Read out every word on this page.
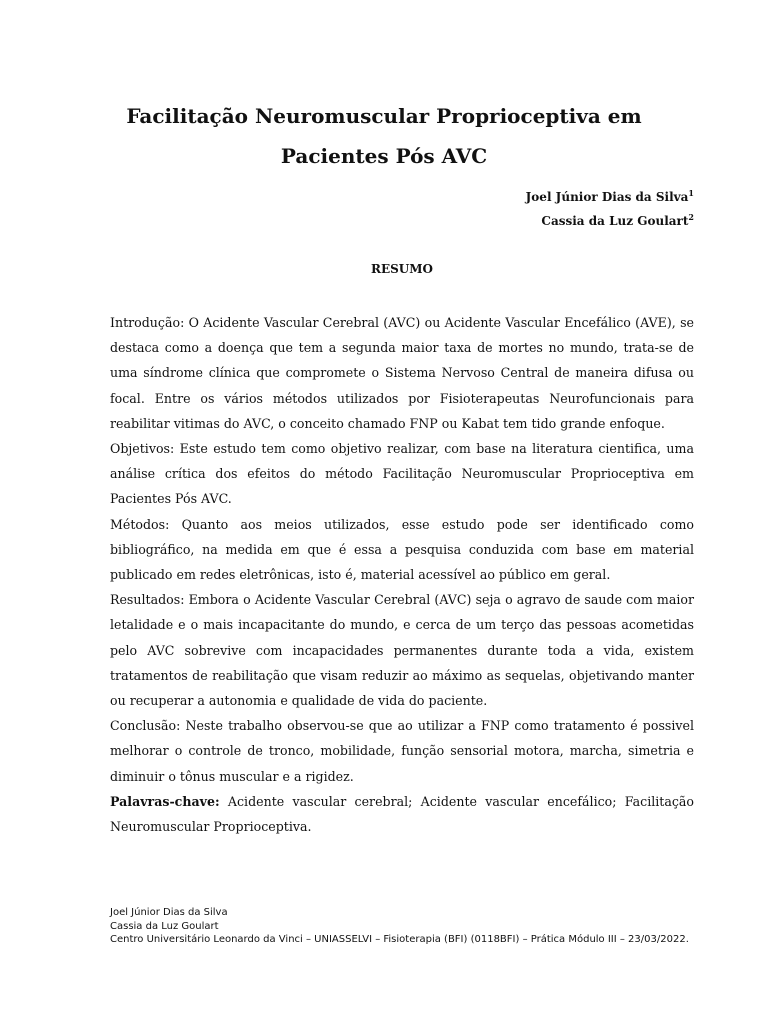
Facilitação Neuromuscular Proprioceptiva em Pacientes Pós AVC
Joel Júnior Dias da Silva$^1$
Cassia da Luz Goulart$^2$
RESUMO

Introdução: O Acidente Vascular Cerebral (AVC) ou Acidente Vascular Encefálico (AVE), se destaca como a doença que tem a segunda maior taxa de mortes no mundo, trata-se de uma síndrome clínica que compromete o Sistema Nervoso Central de maneira difusa ou focal. Entre os vários métodos utilizados por Fisioterapeutas Neurofuncionais para reabilitar vitimas do AVC, o conceito chamado FNP ou Kabat tem tido grande enfoque.

Objetivos: Este estudo tem como objetivo realizar, com base na literatura cientifica, uma análise crítica dos efeitos do método Facilitação Neuromuscular Proprioceptiva em Pacientes Pós AVC.

Métodos: Quanto aos meios utilizados, esse estudo pode ser identificado como bibliográfico, na medida em que é essa a pesquisa conduzida com base em material publicado em redes eletrônicas, isto é, material acessível ao público em geral.

Resultados: Embora o Acidente Vascular Cerebral (AVC) seja o agravo de saude com maior letalidade e o mais incapacitante do mundo, e cerca de um terço das pessoas acometidas pelo AVC sobrevive com incapacidades permanentes durante toda a vida, existem tratamentos de reabilitação que visam reduzir ao máximo as sequelas, objetivando manter ou recuperar a autonomia e qualidade de vida do paciente.

Conclusão: Neste trabalho observou-se que ao utilizar a FNP como tratamento é possivel melhorar o controle de tronco, mobilidade, função sensorial motora, marcha, simetria e diminuir o tônus muscular e a rigidez.

Palavras-chave: Acidente vascular cerebral; Acidente vascular encefálico; Facilitação Neuromuscular Proprioceptiva.

Joel Júnior Dias da Silva
Cassia da Luz Goulart
Centro Universitário Leonardo da Vinci – UNIASSELVI – Fisioterapia (BFI) (0118BFI) – Prática Módulo III – 23/03/2022.
